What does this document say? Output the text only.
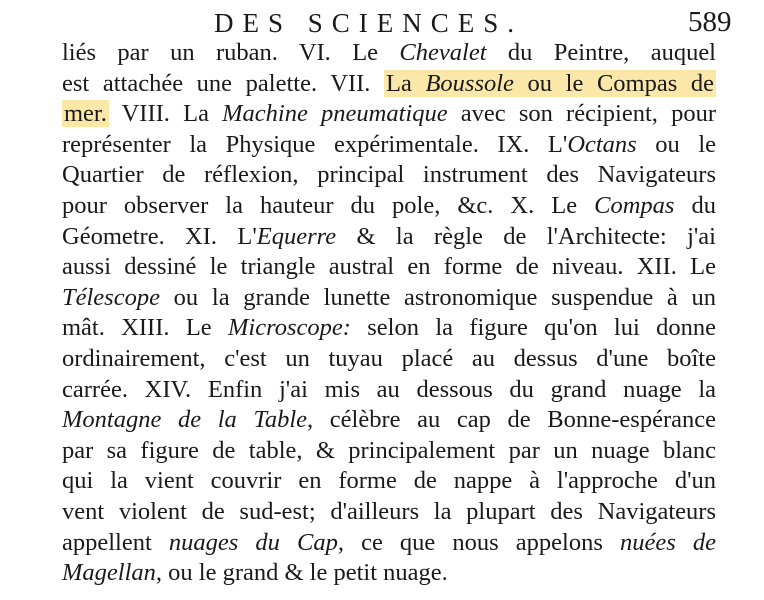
DES SCIENCES.	589
liés par un ruban. VI. Le Chevalet du Peintre, auquel
est attachée une palette. VII. La Boussole ou le Compas de
mer. VIII. La Machine pneumatique avec son récipient, pour
représenter la Physique expérimentale. IX. L'Octans ou le
Quartier de réflexion, principal instrument des Navigateurs
pour observer la hauteur du pole, &c. X. Le Compas du
Géometre. XI. L'Equerre & la règle de l'Architecte: j'ai
aussi dessiné le triangle austral en forme de niveau. XII. Le
Télescope ou la grande lunette astronomique suspendue à un
mât. XIII. Le Microscope: selon la figure qu'on lui donne
ordinairement, c'est un tuyau placé au dessus d'une boîte
carrée. XIV. Enfin j'ai mis au dessous du grand nuage la
Montagne de la Table, célèbre au cap de Bonne-espérance
par sa figure de table, & principalement par un nuage blanc
qui la vient couvrir en forme de nappe à l'approche d'un
vent violent de sud-est; d'ailleurs la plupart des Navigateurs
appellent nuages du Cap, ce que nous appelons nuées de
Magellan, ou le grand & le petit nuage.
